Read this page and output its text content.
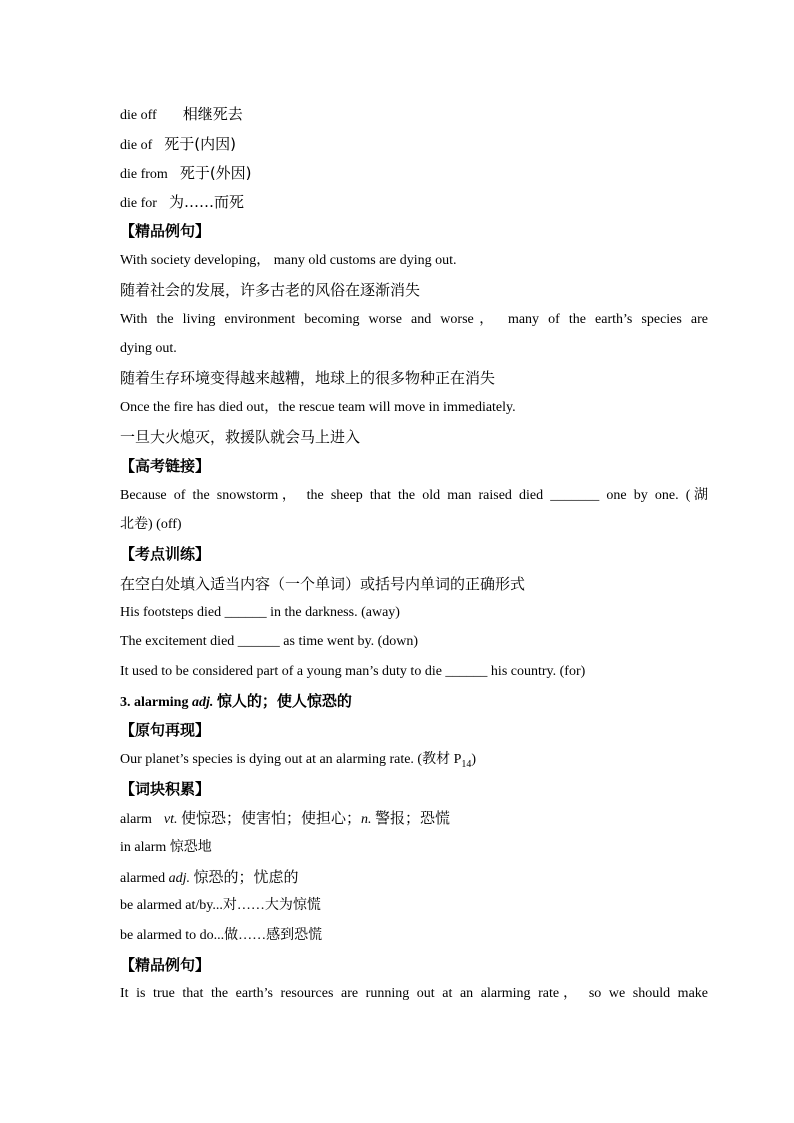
die off 相继死去
die of 死于(内因)
die from 死于(外因)
die for 为……而死
【精品例句】
With society developing， many old customs are dying out.
随着社会的发展，许多古老的风俗在逐渐消失
With the living environment becoming worse and worse， many of the earth’s species are
dying out.
随着生存环境变得越来越糟，地球上的很多物种正在消失
Once the fire has died out，the rescue team will move in immediately.
一旦大火熄灭，救援队就会马上进入
【高考链接】
Because of the snowstorm， the sheep that the old man raised died _______ one by one. (湖
北卷) (off)
【考点训练】
在空白处填入适当内容（一个单词）或括号内单词的正确形式
His footsteps died ______ in the darkness. (away)
The excitement died ______ as time went by. (down)
It used to be considered part of a young man’s duty to die ______ his country. (for)
3. alarming adj. 惊人的；使人惊恐的
【原句再现】
Our planet’s species is dying out at an alarming rate. (教材 $P_{14}$)
【词块积累】
alarm vt. 使惊恐；使害怕；使担心；n. 警报；恐慌
in alarm 惊恐地
alarmed adj. 惊恐的；忧虑的
be alarmed at/by...对……大为惊慌
be alarmed to do...做……感到恐慌
【精品例句】
It is true that the earth’s resources are running out at an alarming rate， so we should make
